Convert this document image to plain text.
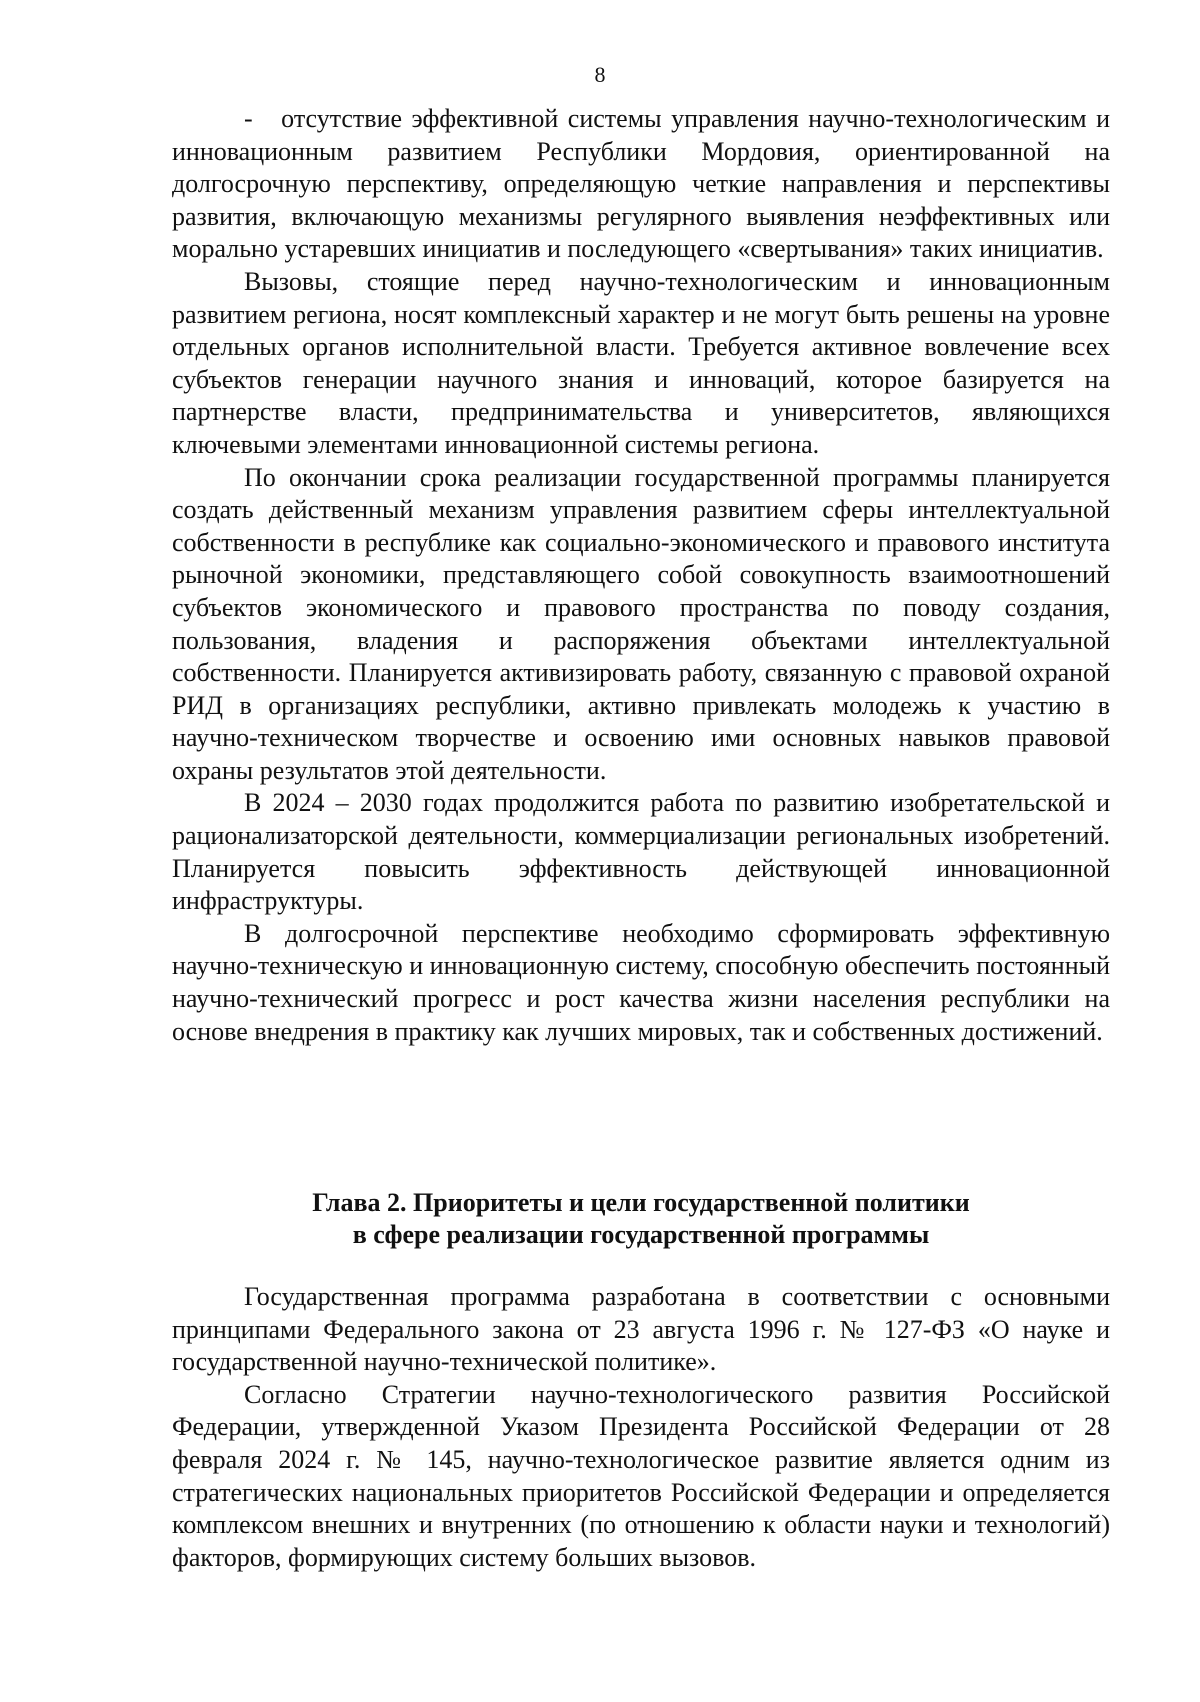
8

-   отсутствие эффективной системы управления научно-технологическим и инновационным развитием Республики Мордовия, ориентированной на долгосрочную перспективу, определяющую четкие направления и перспективы развития, включающую механизмы регулярного выявления неэффективных или морально устаревших инициатив и последующего «свертывания» таких инициатив.

Вызовы, стоящие перед научно-технологическим и инновационным развитием региона, носят комплексный характер и не могут быть решены на уровне отдельных органов исполнительной власти. Требуется активное вовлечение всех субъектов генерации научного знания и инноваций, которое базируется на партнерстве власти, предпринимательства и университетов, являющихся ключевыми элементами инновационной системы региона.

По окончании срока реализации государственной программы планируется создать действенный механизм управления развитием сферы интеллектуальной собственности в республике как социально-экономического и правового института рыночной экономики, представляющего собой совокупность взаимоотношений субъектов экономического и правового пространства по поводу создания, пользования, владения и распоряжения объектами интеллектуальной собственности. Планируется активизировать работу, связанную с правовой охраной РИД в организациях республики, активно привлекать молодежь к участию в научно-техническом творчестве и освоению ими основных навыков правовой охраны результатов этой деятельности.

В 2024 – 2030 годах продолжится работа по развитию изобретательской и рационализаторской деятельности, коммерциализации региональных изобретений. Планируется повысить эффективность действующей инновационной инфраструктуры.

В долгосрочной перспективе необходимо сформировать эффективную научно-техническую и инновационную систему, способную обеспечить постоянный научно-технический прогресс и рост качества жизни населения республики на основе внедрения в практику как лучших мировых, так и собственных достижений.

Глава 2. Приоритеты и цели государственной политики
в сфере реализации государственной программы

Государственная программа разработана в соответствии с основными принципами Федерального закона от 23 августа 1996 г. № 127-ФЗ «О науке и государственной научно-технической политике».

Согласно Стратегии научно-технологического развития Российской Федерации, утвержденной Указом Президента Российской Федерации от 28 февраля 2024 г. № 145, научно-технологическое развитие является одним из стратегических национальных приоритетов Российской Федерации и определяется комплексом внешних и внутренних (по отношению к области науки и технологий) факторов, формирующих систему больших вызовов.
